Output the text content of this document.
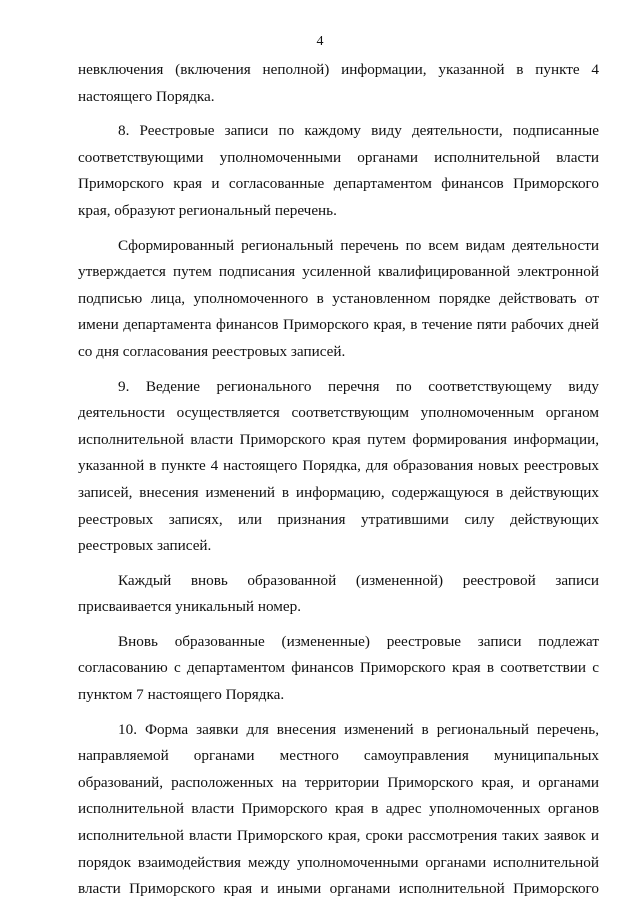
4

невключения (включения неполной) информации, указанной в пункте 4 настоящего Порядка.

8. Реестровые записи по каждому виду деятельности, подписанные соответствующими уполномоченными органами исполнительной власти Приморского края и согласованные департаментом финансов Приморского края, образуют региональный перечень.

Сформированный региональный перечень по всем видам деятельности утверждается путем подписания усиленной квалифицированной электронной подписью лица, уполномоченного в установленном порядке действовать от имени департамента финансов Приморского края, в течение пяти рабочих дней со дня согласования реестровых записей.

9. Ведение регионального перечня по соответствующему виду деятельности осуществляется соответствующим уполномоченным органом исполнительной власти Приморского края путем формирования информации, указанной в пункте 4 настоящего Порядка, для образования новых реестровых записей, внесения изменений в информацию, содержащуюся в действующих реестровых записях, или признания утратившими силу действующих реестровых записей.

Каждый вновь образованной (измененной) реестровой записи присваивается уникальный номер.

Вновь образованные (измененные) реестровые записи подлежат согласованию с департаментом финансов Приморского края в соответствии с пунктом 7 настоящего Порядка.

10. Форма заявки для внесения изменений в региональный перечень, направляемой органами местного самоуправления муниципальных образований, расположенных на территории Приморского края, и органами исполнительной власти Приморского края в адрес уполномоченных органов исполнительной власти Приморского края, сроки рассмотрения таких заявок и порядок взаимодействия между уполномоченными органами исполнительной власти Приморского края и иными органами исполнительной Приморского
